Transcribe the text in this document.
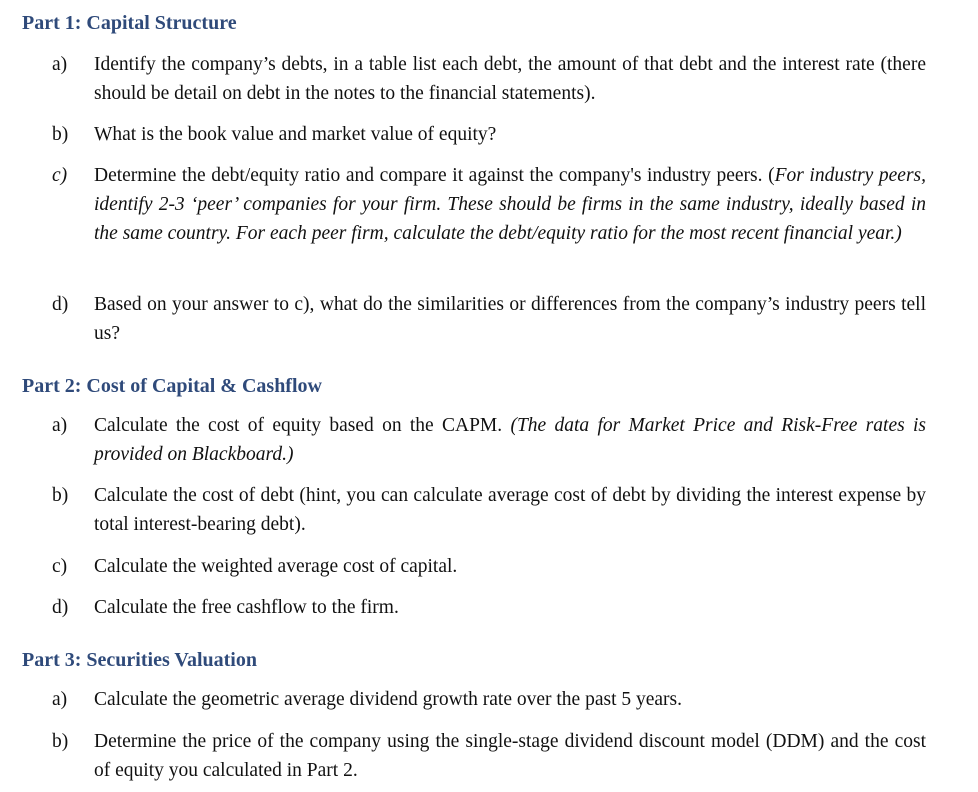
Part 1: Capital Structure
a)	Identify the company’s debts, in a table list each debt, the amount of that debt and the interest rate (there should be detail on debt in the notes to the financial statements).
b)	What is the book value and market value of equity?
c)	Determine the debt/equity ratio and compare it against the company's industry peers. (For industry peers, identify 2-3 ‘peer’ companies for your firm. These should be firms in the same industry, ideally based in the same country. For each peer firm, calculate the debt/equity ratio for the most recent financial year.)
d)	Based on your answer to c), what do the similarities or differences from the company’s industry peers tell us?
Part 2: Cost of Capital & Cashflow
a)	Calculate the cost of equity based on the CAPM. (The data for Market Price and Risk-Free rates is provided on Blackboard.)
b)	Calculate the cost of debt (hint, you can calculate average cost of debt by dividing the interest expense by total interest-bearing debt).
c)	Calculate the weighted average cost of capital.
d)	Calculate the free cashflow to the firm.
Part 3: Securities Valuation
a)	Calculate the geometric average dividend growth rate over the past 5 years.
b)	Determine the price of the company using the single-stage dividend discount model (DDM) and the cost of equity you calculated in Part 2.
